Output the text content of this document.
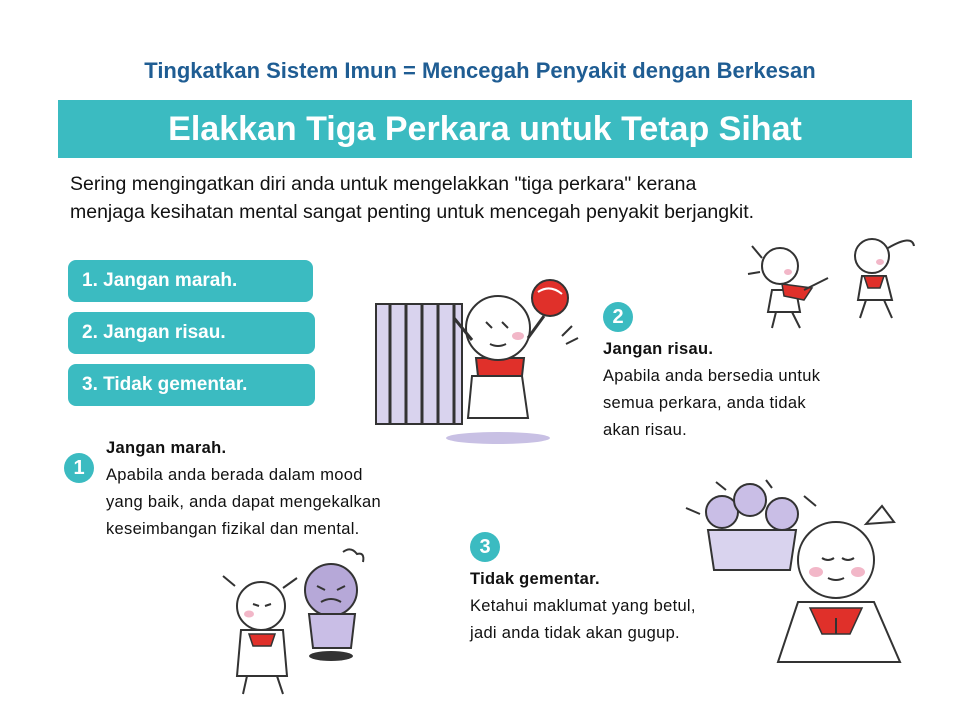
Tingkatkan Sistem Imun = Mencegah Penyakit dengan Berkesan
Elakkan Tiga Perkara untuk Tetap Sihat
Sering mengingatkan diri anda untuk mengelakkan "tiga perkara" kerana
menjaga kesihatan mental sangat penting untuk mencegah penyakit berjangkit.
1. Jangan marah.
2. Jangan risau.
3. Tidak gementar.
1
Jangan marah.
Apabila anda berada dalam mood
yang baik, anda dapat mengekalkan
keseimbangan fizikal dan mental.
2
Jangan risau.
Apabila anda bersedia untuk
semua perkara, anda tidak
akan risau.
3
Tidak gementar.
Ketahui maklumat yang betul,
jadi anda tidak akan gugup.
